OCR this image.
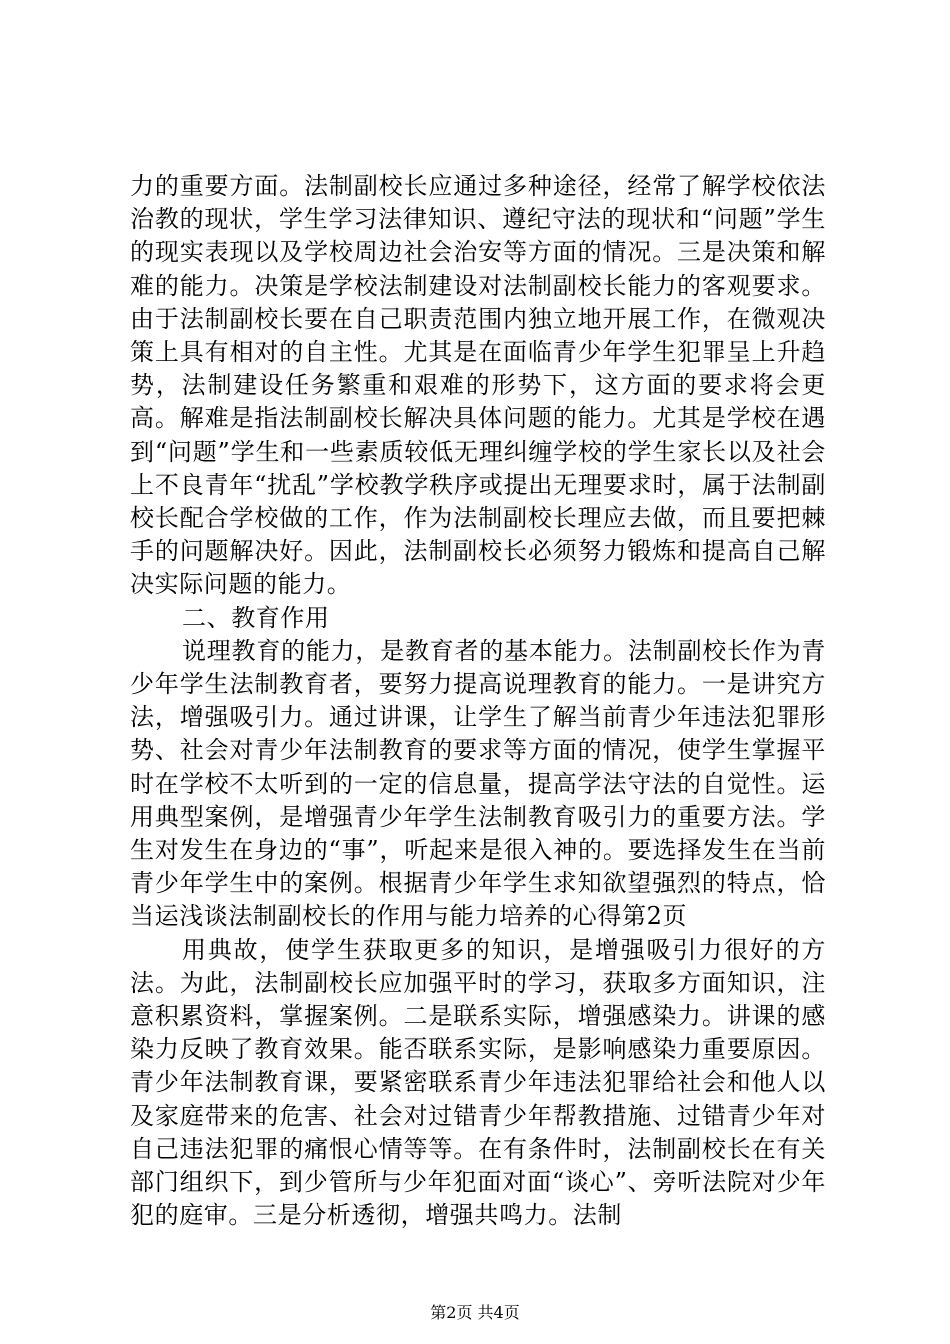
力的重要方面。法制副校长应通过多种途径，经常了解学校依法治教的现状，学生学习法律知识、遵纪守法的现状和“问题”学生的现实表现以及学校周边社会治安等方面的情况。三是决策和解难的能力。决策是学校法制建设对法制副校长能力的客观要求。由于法制副校长要在自己职责范围内独立地开展工作，在微观决策上具有相对的自主性。尤其是在面临青少年学生犯罪呈上升趋势，法制建设任务繁重和艰难的形势下，这方面的要求将会更高。解难是指法制副校长解决具体问题的能力。尤其是学校在遇到“问题”学生和一些素质较低无理纠缠学校的学生家长以及社会上不良青年“扰乱”学校教学秩序或提出无理要求时，属于法制副校长配合学校做的工作，作为法制副校长理应去做，而且要把棘手的问题解决好。因此，法制副校长必须努力锻炼和提高自己解决实际问题的能力。

二、教育作用

说理教育的能力，是教育者的基本能力。法制副校长作为青少年学生法制教育者，要努力提高说理教育的能力。一是讲究方法，增强吸引力。通过讲课，让学生了解当前青少年违法犯罪形势、社会对青少年法制教育的要求等方面的情况，使学生掌握平时在学校不太听到的一定的信息量，提高学法守法的自觉性。运用典型案例，是增强青少年学生法制教育吸引力的重要方法。学生对发生在身边的“事”，听起来是很入神的。要选择发生在当前青少年学生中的案例。根据青少年学生求知欲望强烈的特点，恰当运浅谈法制副校长的作用与能力培养的心得第2页

用典故，使学生获取更多的知识，是增强吸引力很好的方法。为此，法制副校长应加强平时的学习，获取多方面知识，注意积累资料，掌握案例。二是联系实际，增强感染力。讲课的感染力反映了教育效果。能否联系实际，是影响感染力重要原因。青少年法制教育课，要紧密联系青少年违法犯罪给社会和他人以及家庭带来的危害、社会对过错青少年帮教措施、过错青少年对自己违法犯罪的痛恨心情等等。在有条件时，法制副校长在有关部门组织下，到少管所与少年犯面对面“谈心”、旁听法院对少年犯的庭审。三是分析透彻，增强共鸣力。法制

第2页 共4页
